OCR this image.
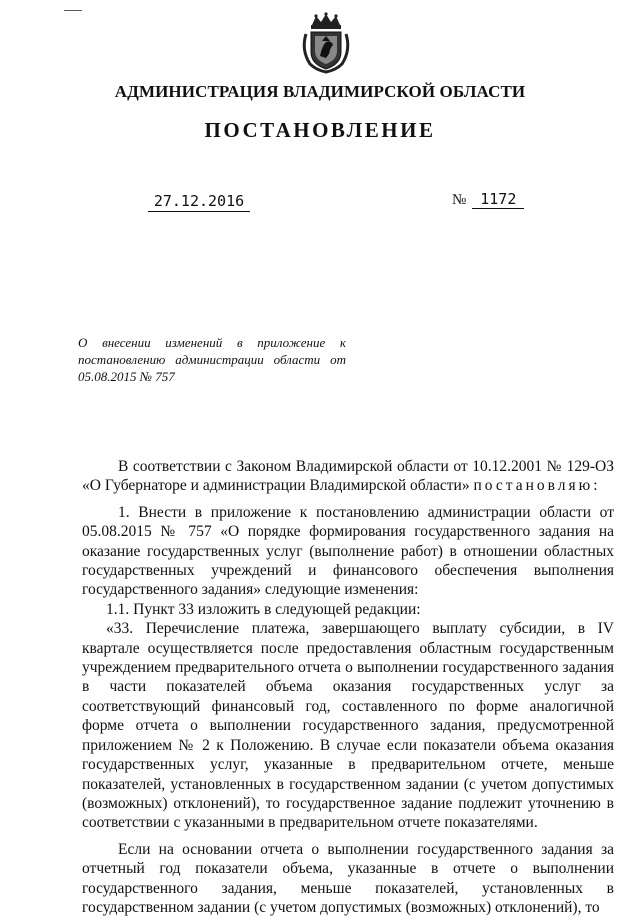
АДМИНИСТРАЦИЯ ВЛАДИМИРСКОЙ ОБЛАСТИ
ПОСТАНОВЛЕНИЕ
27.12.2016	№ 1172
О внесении изменений в приложение к постановлению администрации области от 05.08.2015 № 757

В соответствии с Законом Владимирской области от 10.12.2001 № 129-ОЗ «О Губернаторе и администрации Владимирской области» постановляю:

1. Внести в приложение к постановлению администрации области от 05.08.2015 № 757 «О порядке формирования государственного задания на оказание государственных услуг (выполнение работ) в отношении областных государственных учреждений и финансового обеспечения выполнения государственного задания» следующие изменения:

1.1. Пункт 33 изложить в следующей редакции:

«33. Перечисление платежа, завершающего выплату субсидии, в IV квартале осуществляется после предоставления областным государственным учреждением предварительного отчета о выполнении государственного задания в части показателей объема оказания государственных услуг за соответствующий финансовый год, составленного по форме аналогичной форме отчета о выполнении государственного задания, предусмотренной приложением № 2 к Положению. В случае если показатели объема оказания государственных услуг, указанные в предварительном отчете, меньше показателей, установленных в государственном задании (с учетом допустимых (возможных) отклонений), то государственное задание подлежит уточнению в соответствии с указанными в предварительном отчете показателями.

Если на основании отчета о выполнении государственного задания за отчетный год показатели объема, указанные в отчете о выполнении государственного задания, меньше показателей, установленных в государственном задании (с учетом допустимых (возможных) отклонений), то
